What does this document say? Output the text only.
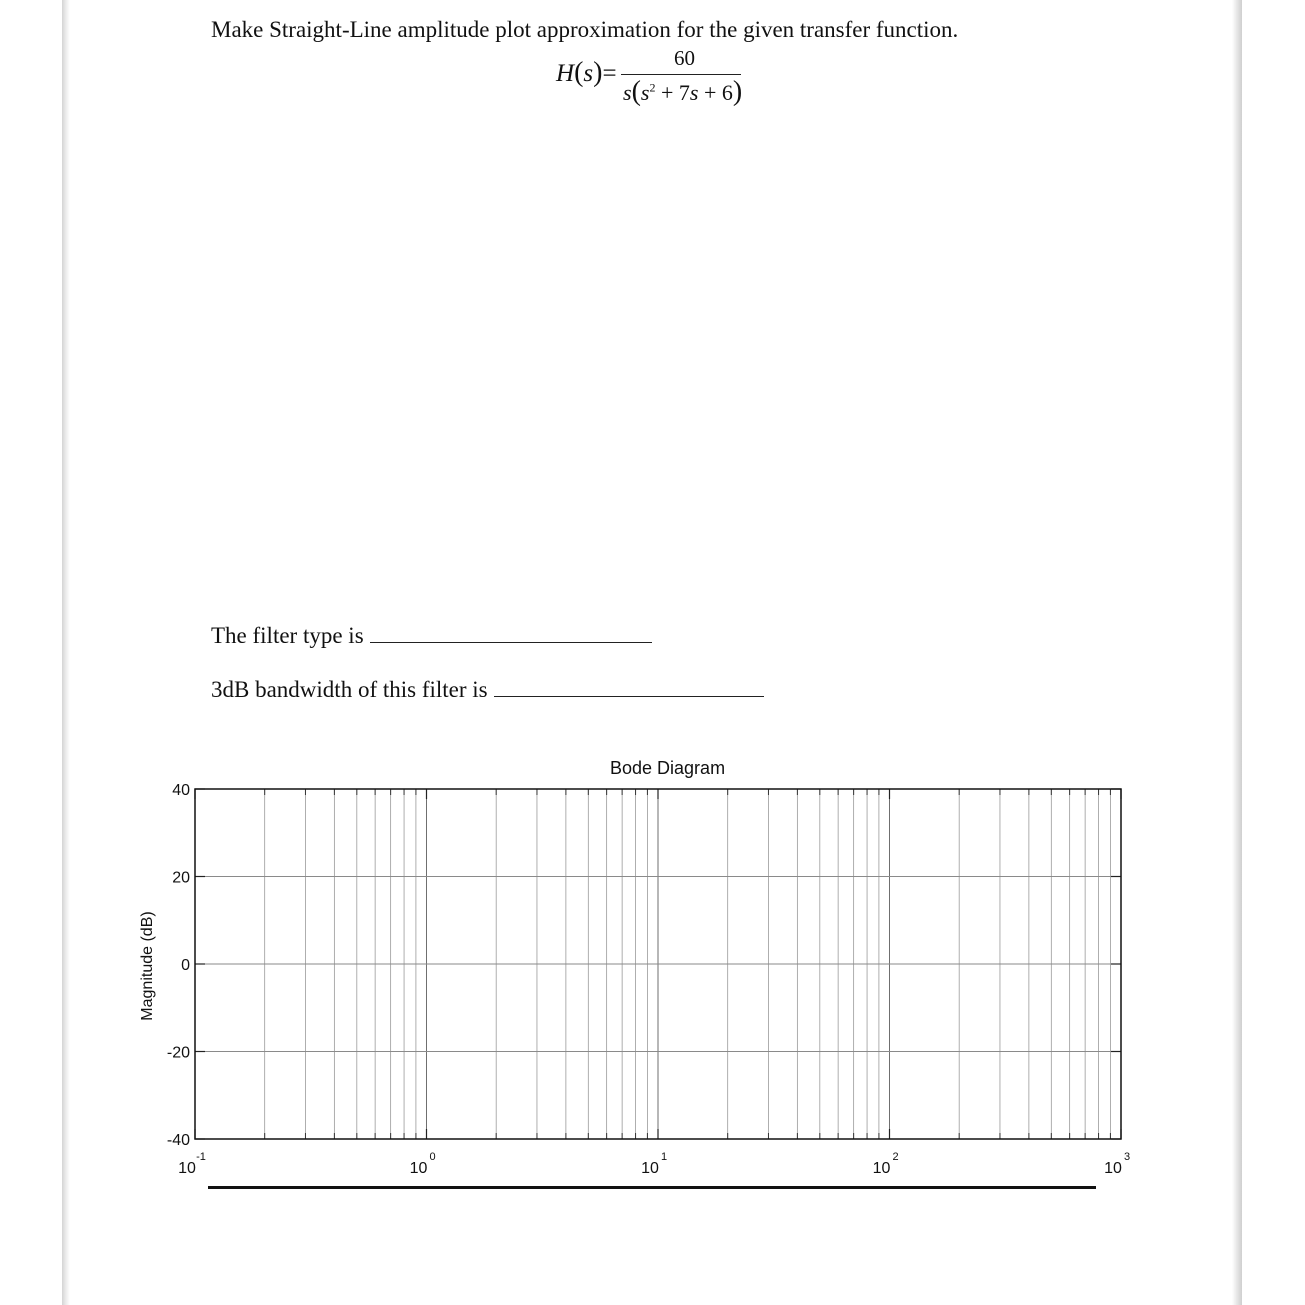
Make Straight-Line amplitude plot approximation for the given transfer function.
H(s)=
60
$s(s^2 + 7s + 6)$
The filter type is
3dB bandwidth of this filter is
Bode Diagram
Magnitude (dB)
10
-1
10
0
10
1
10
2
10
3
40
20
0
-20
-40
